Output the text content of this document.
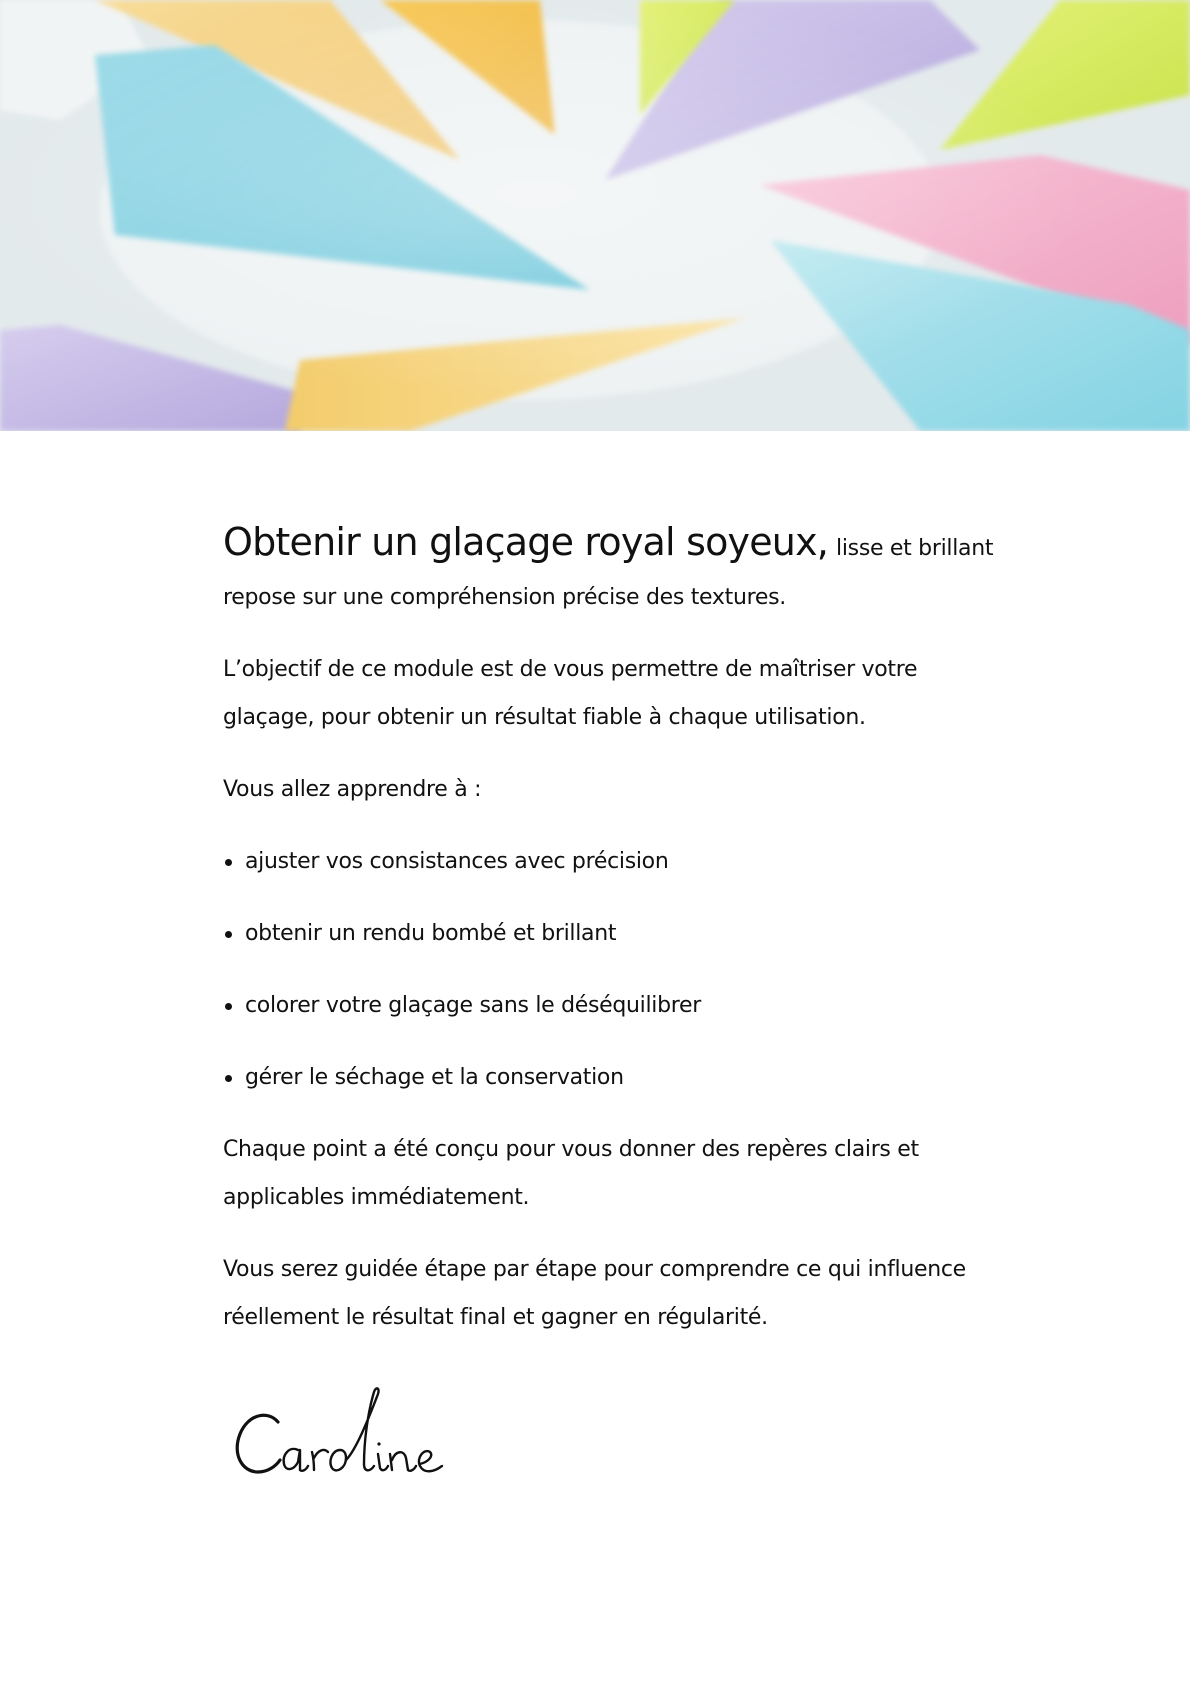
Obtenir un glaçage royal soyeux, lisse et brillant
repose sur une compréhension précise des textures.
L’objectif de ce module est de vous permettre de maîtriser votre
glaçage, pour obtenir un résultat fiable à chaque utilisation.
Vous allez apprendre à :
ajuster vos consistances avec précision
obtenir un rendu bombé et brillant
colorer votre glaçage sans le déséquilibrer
gérer le séchage et la conservation
Chaque point a été conçu pour vous donner des repères clairs et
applicables immédiatement.
Vous serez guidée étape par étape pour comprendre ce qui influence
réellement le résultat final et gagner en régularité.
